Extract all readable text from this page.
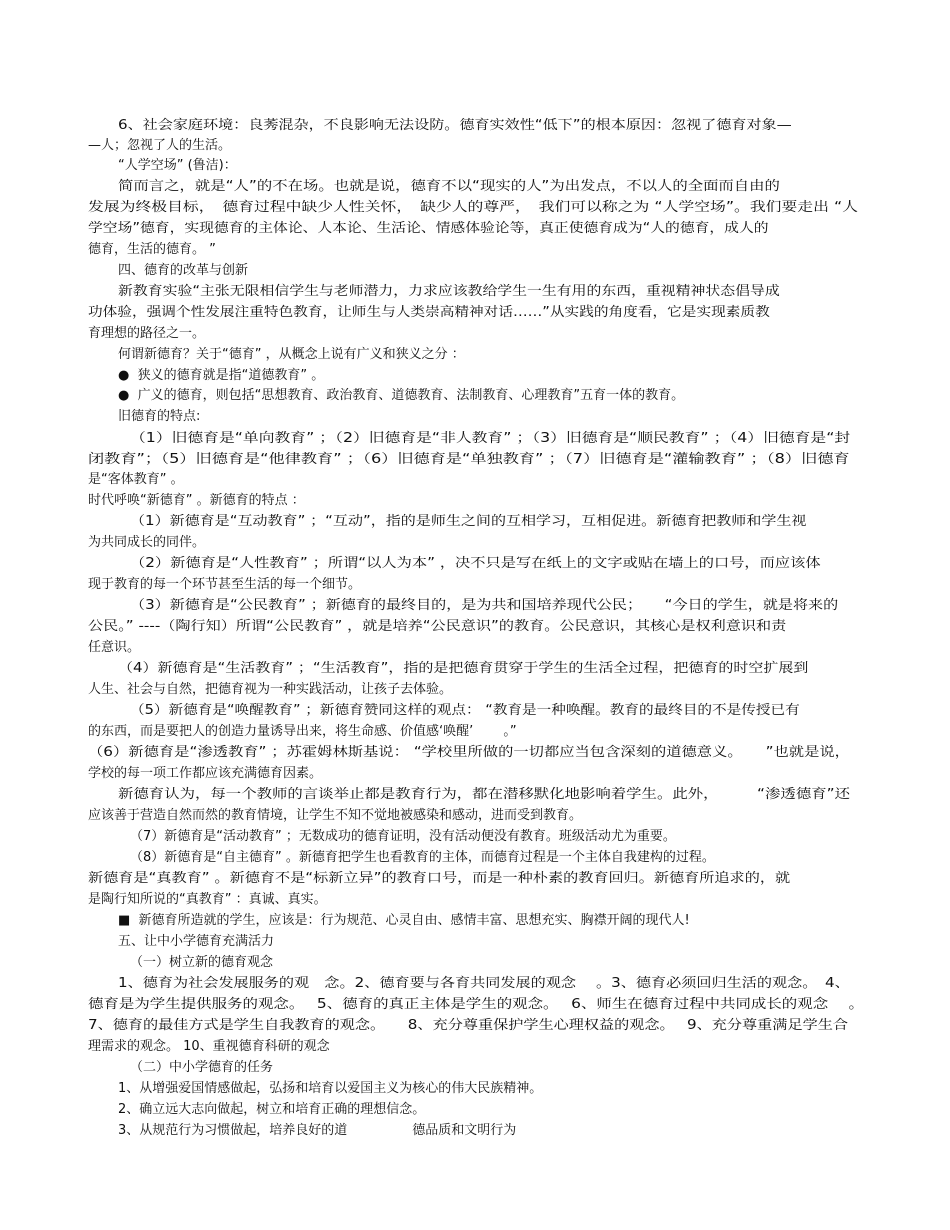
6、社会家庭环境：良莠混杂，不良影响无法设防。德育实效性“低下”的根本原因：忽视了德育对象—
—人；忽视了人的生活。
“人学空场” (鲁洁)：
简而言之，就是“人”的不在场。也就是说，德育不以“现实的人”为出发点，不以人的全面而自由的
发展为终极目标，　德育过程中缺少人性关怀，　缺少人的尊严，　我们可以称之为 “人学空场”。我们要走出 “人
学空场”德育，实现德育的主体论、人本论、生活论、情感体验论等，真正使德育成为“人的德育，成人的
德育，生活的德育。 ”
四、德育的改革与创新
新教育实验“主张无限相信学生与老师潜力，力求应该教给学生一生有用的东西，重视精神状态倡导成
功体验，强调个性发展注重特色教育，让师生与人类崇高精神对话……”从实践的角度看，它是实现素质教
育理想的路径之一。
何谓新德育？关于“德育” ，从概念上说有广义和狭义之分 ：
●  狭义的德育就是指“道德教育” 。
●  广义的德育，则包括“思想教育、政治教育、道德教育、法制教育、心理教育”五育一体的教育。
旧德育的特点:
（1）旧德育是“单向教育” ；（2）旧德育是“非人教育” ；（3）旧德育是“顺民教育” ；（4）旧德育是“封
闭教育”；（5）旧德育是“他律教育” ；（6）旧德育是“单独教育” ；（7）旧德育是“灌输教育” ；（8）旧德育
是“客体教育” 。
时代呼唤“新德育” 。新德育的特点 ：
（1）新德育是“互动教育” ；“互动”，指的是师生之间的互相学习，互相促进。新德育把教师和学生视
为共同成长的同伴。
（2）新德育是“人性教育” ；所谓“以人为本” ，决不只是写在纸上的文字或贴在墙上的口号，而应该体
现于教育的每一个环节甚至生活的每一个细节。
（3）新德育是“公民教育” ；新德育的最终目的，是为共和国培养现代公民；　　“今日的学生，就是将来的
公民。” ----（陶行知）所谓“公民教育” ，就是培养“公民意识”的教育。公民意识，其核心是权利意识和责
任意识。
（4）新德育是“生活教育” ；“生活教育”，指的是把德育贯穿于学生的生活全过程，把德育的时空扩展到
人生、社会与自然，把德育视为一种实践活动，让孩子去体验。
（5）新德育是“唤醒教育” ；新德育赞同这样的观点： “教育是一种唤醒。教育的最终目的不是传授已有
的东西，而是要把人的创造力量诱导出来，将生命感、价值感‘唤醒’　　 。”
（6）新德育是“渗透教育” ；苏霍姆林斯基说： “学校里所做的一切都应当包含深刻的道德意义。　　”也就是说，
学校的每一项工作都应该充满德育因素。
新德育认为，每一个教师的言谈举止都是教育行为，都在潜移默化地影响着学生。此外，　　　“渗透德育”还
应该善于营造自然而然的教育情境，让学生不知不觉地被感染和感动，进而受到教育。
（7）新德育是“活动教育” ；无数成功的德育证明，没有活动便没有教育。班级活动尤为重要。
（8）新德育是“自主德育” 。新德育把学生也看教育的主体，而德育过程是一个主体自我建构的过程。
新德育是“真教育” 。新德育不是“标新立异”的教育口号，而是一种朴素的教育回归。新德育所追求的，就
是陶行知所说的“真教育” ：真诚、真实。
■  新德育所造就的学生，应该是：行为规范、心灵自由、感情丰富、思想充实、胸襟开阔的现代人!
五、让中小学德育充满活力
（一）树立新的德育观念
1、德育为社会发展服务的观　念。2、德育要与各育共同发展的观念　 。3、德育必须回归生活的观念。　4、
德育是为学生提供服务的观念。　 5、德育的真正主体是学生的观念。　 6、师生在德育过程中共同成长的观念　 。
7、德育的最佳方式是学生自我教育的观念。　　8、充分尊重保护学生心理权益的观念。　 9、充分尊重满足学生合
理需求的观念。 10、重视德育科研的观念
（二）中小学德育的任务
1、从增强爱国情感做起，弘扬和培育以爱国主义为核心的伟大民族精神。
2、确立远大志向做起，树立和培育正确的理想信念。
3、从规范行为习惯做起，培养良好的道　　　　　德品质和文明行为
